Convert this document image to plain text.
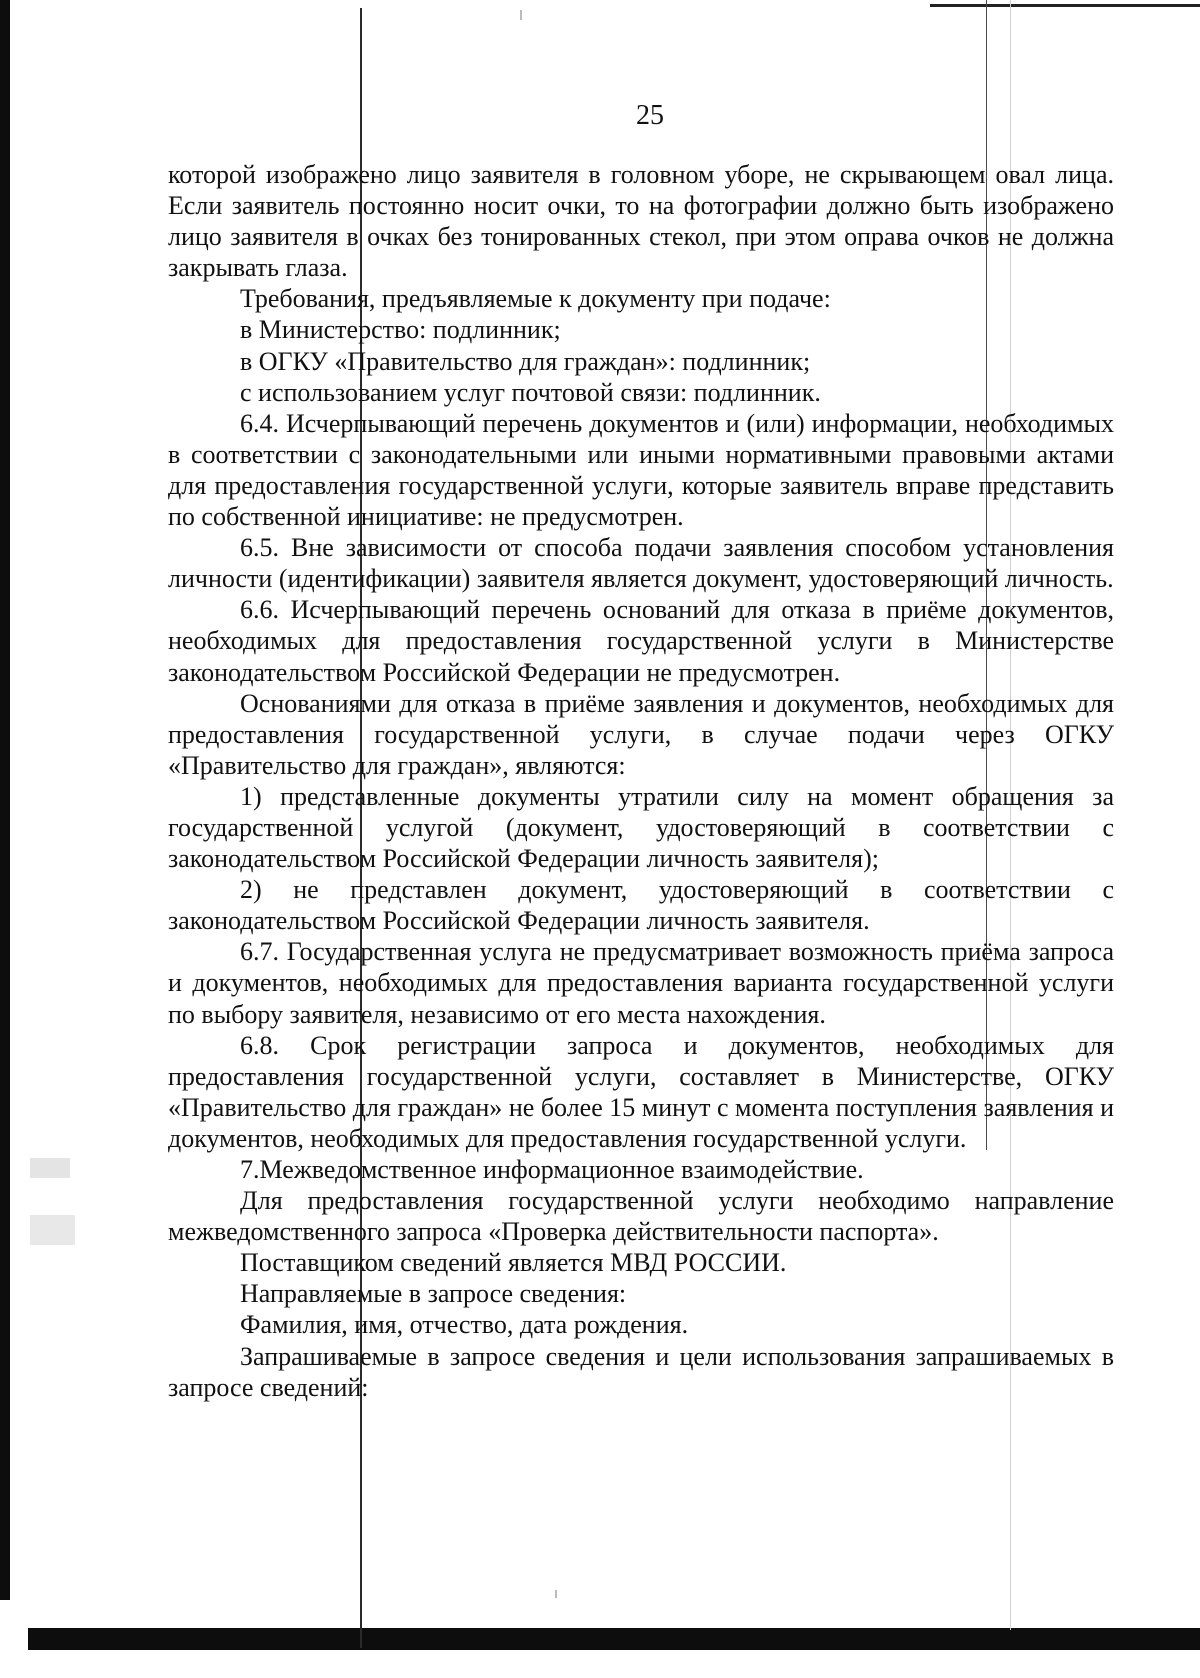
25

которой изображено лицо заявителя в головном уборе, не скрывающем овал лица. Если заявитель постоянно носит очки, то на фотографии должно быть изображено лицо заявителя в очках без тонированных стекол, при этом оправа очков не должна закрывать глаза.

Требования, предъявляемые к документу при подаче:

в Министерство: подлинник;

в ОГКУ «Правительство для граждан»: подлинник;

с использованием услуг почтовой связи: подлинник.

6.4. Исчерпывающий перечень документов и (или) информации, необходимых в соответствии с законодательными или иными нормативными правовыми актами для предоставления государственной услуги, которые заявитель вправе представить по собственной инициативе: не предусмотрен.

6.5. Вне зависимости от способа подачи заявления способом установления личности (идентификации) заявителя является документ, удостоверяющий личность.

6.6. Исчерпывающий перечень оснований для отказа в приёме документов, необходимых для предоставления государственной услуги в Министерстве законодательством Российской Федерации не предусмотрен.

Основаниями для отказа в приёме заявления и документов, необходимых для предоставления государственной услуги, в случае подачи через ОГКУ «Правительство для граждан», являются:

1) представленные документы утратили силу на момент обращения за государственной услугой (документ, удостоверяющий в соответствии с законодательством Российской Федерации личность заявителя);

2) не представлен документ, удостоверяющий в соответствии с законодательством Российской Федерации личность заявителя.

6.7. Государственная услуга не предусматривает возможность приёма запроса и документов, необходимых для предоставления варианта государственной услуги по выбору заявителя, независимо от его места нахождения.

6.8. Срок регистрации запроса и документов, необходимых для предоставления государственной услуги, составляет в Министерстве, ОГКУ «Правительство для граждан» не более 15 минут с момента поступления заявления и документов, необходимых для предоставления государственной услуги.

7.Межведомственное информационное взаимодействие.

Для предоставления государственной услуги необходимо направление межведомственного запроса «Проверка действительности паспорта».

Поставщиком сведений является МВД РОССИИ.

Направляемые в запросе сведения:

Фамилия, имя, отчество, дата рождения.

Запрашиваемые в запросе сведения и цели использования запрашиваемых в запросе сведений:
